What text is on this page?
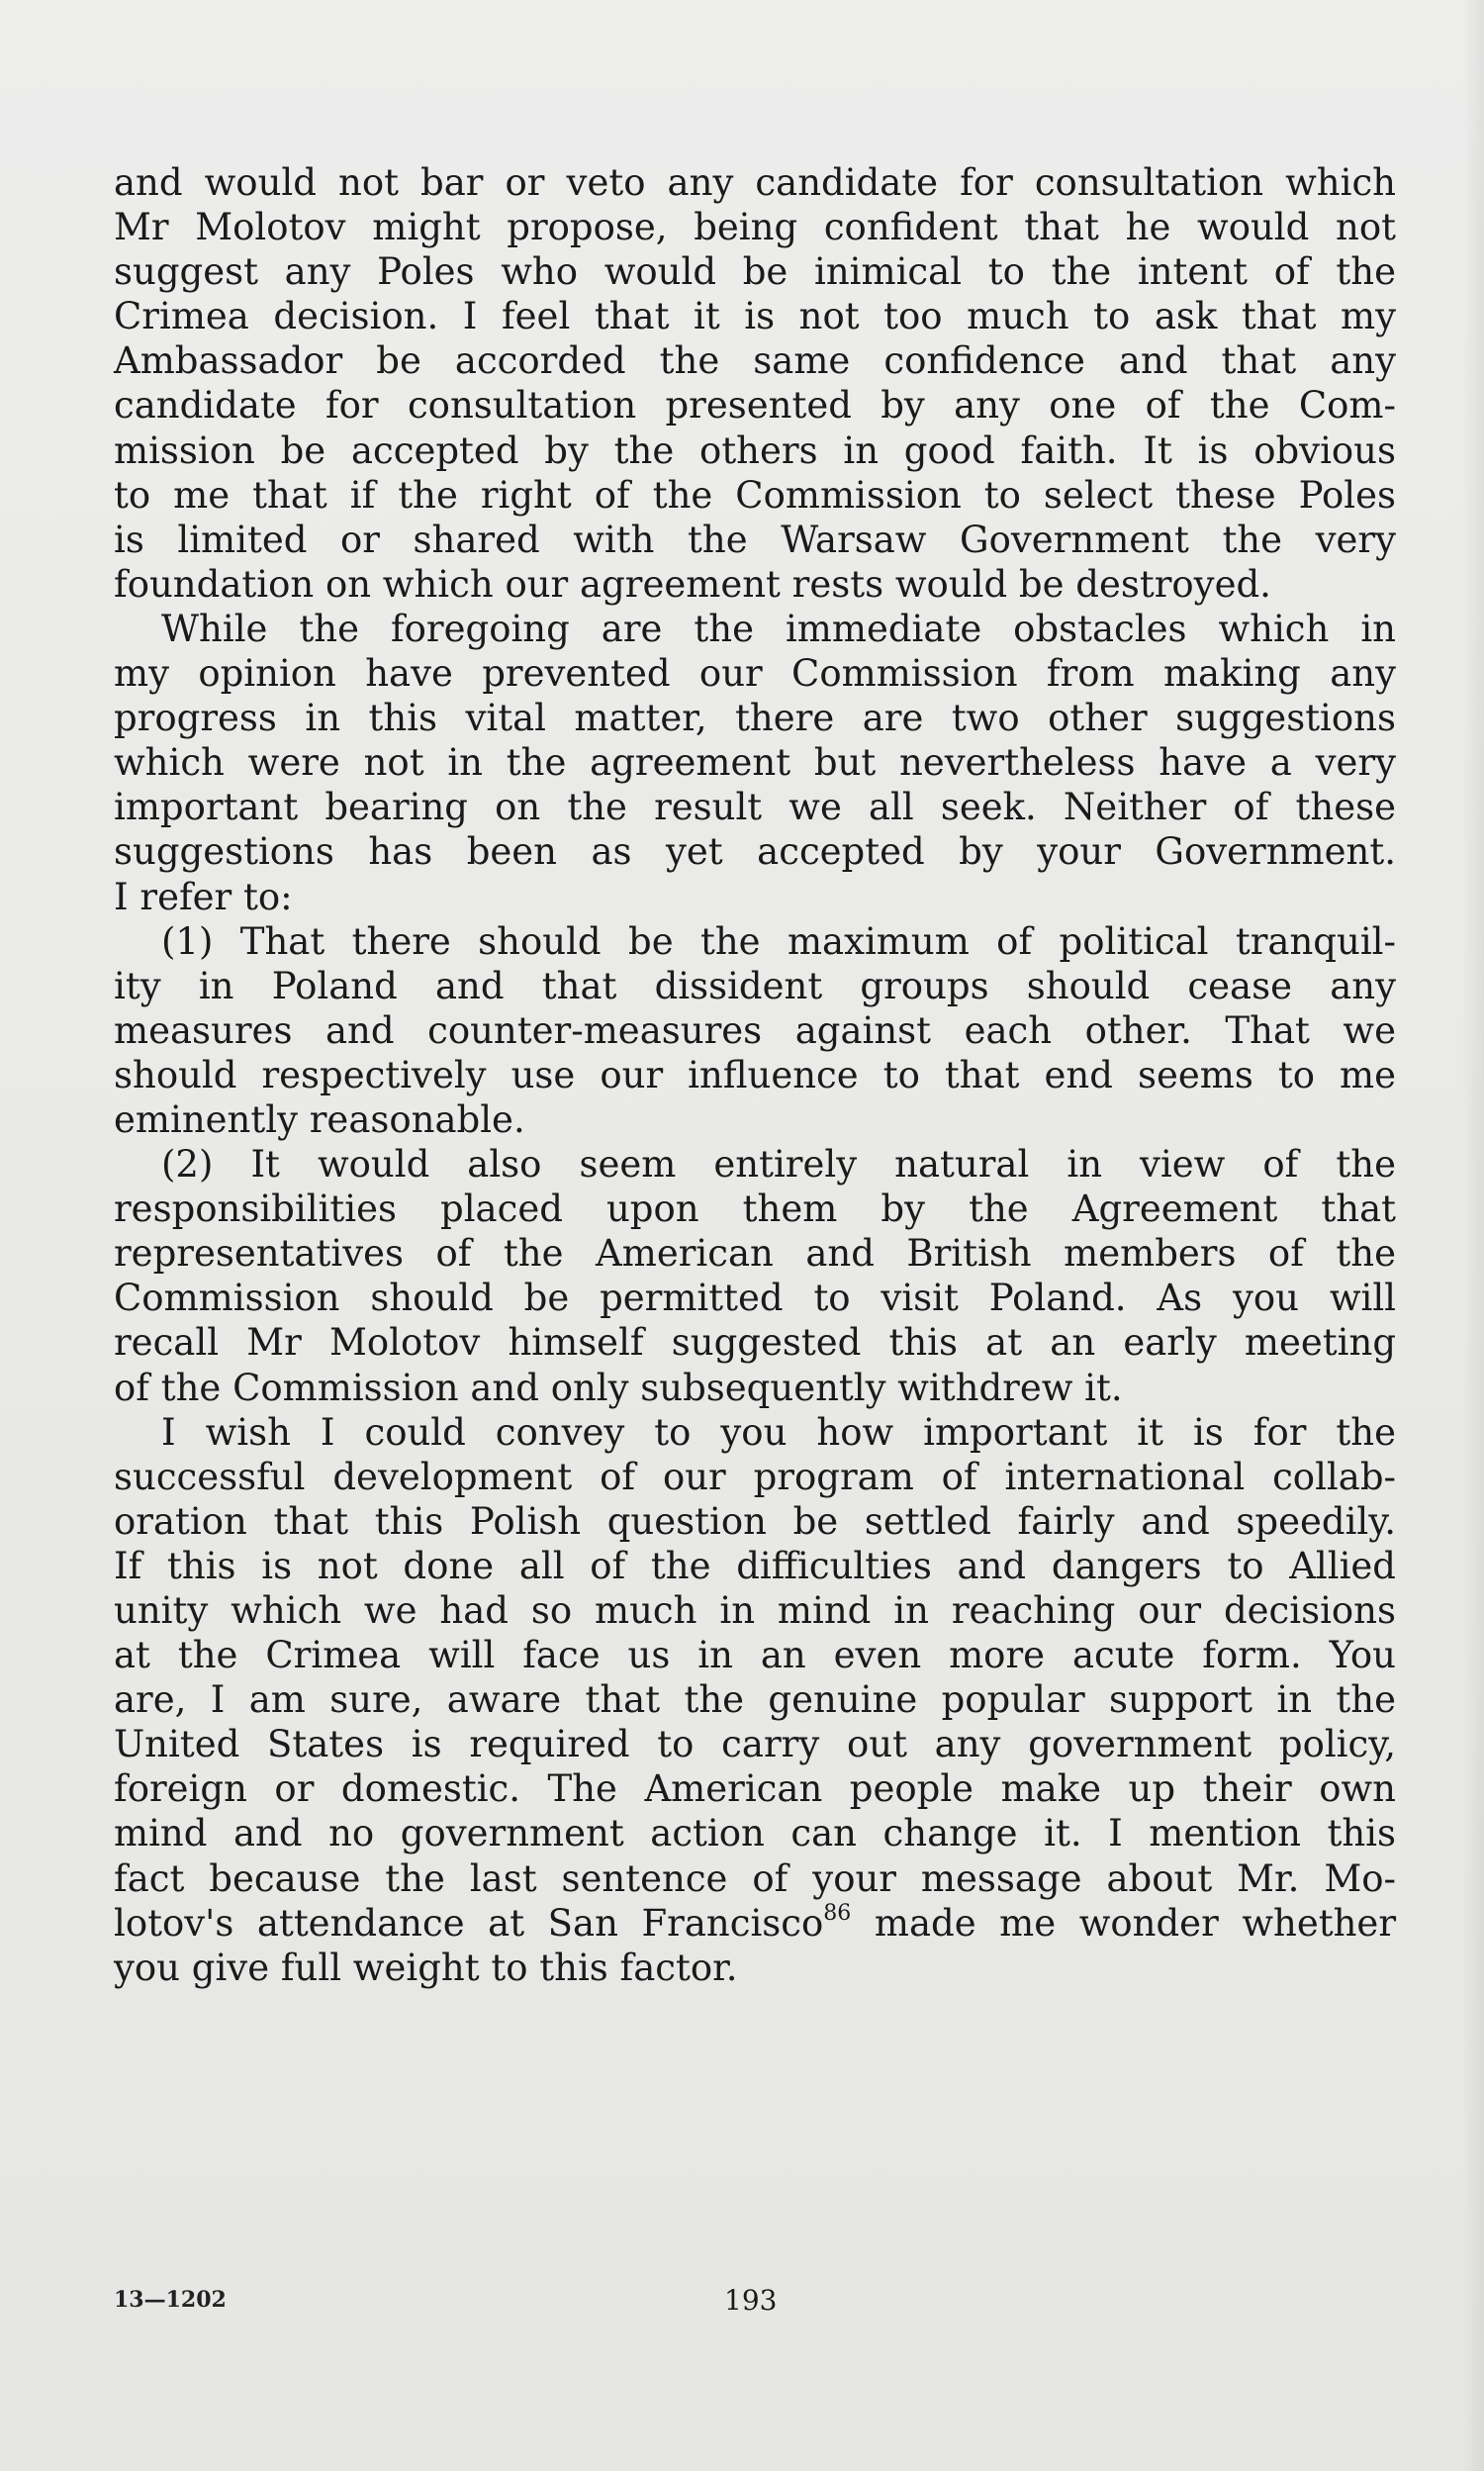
and would not bar or veto any candidate for consultation which
Mr Molotov might propose, being confident that he would not
suggest any Poles who would be inimical to the intent of the
Crimea decision. I feel that it is not too much to ask that my
Ambassador be accorded the same confidence and that any
candidate for consultation presented by any one of the Com-
mission be accepted by the others in good faith. It is obvious
to me that if the right of the Commission to select these Poles
is limited or shared with the Warsaw Government the very
foundation on which our agreement rests would be destroyed.
While the foregoing are the immediate obstacles which in
my opinion have prevented our Commission from making any
progress in this vital matter, there are two other suggestions
which were not in the agreement but nevertheless have a very
important bearing on the result we all seek. Neither of these
suggestions has been as yet accepted by your Government.
I refer to:
(1) That there should be the maximum of political tranquil-
ity in Poland and that dissident groups should cease any
measures and counter-measures against each other. That we
should respectively use our influence to that end seems to me
eminently reasonable.
(2) It would also seem entirely natural in view of the
responsibilities placed upon them by the Agreement that
representatives of the American and British members of the
Commission should be permitted to visit Poland. As you will
recall Mr Molotov himself suggested this at an early meeting
of the Commission and only subsequently withdrew it.
I wish I could convey to you how important it is for the
successful development of our program of international collab-
oration that this Polish question be settled fairly and speedily.
If this is not done all of the difficulties and dangers to Allied
unity which we had so much in mind in reaching our decisions
at the Crimea will face us in an even more acute form. You
are, I am sure, aware that the genuine popular support in the
United States is required to carry out any government policy,
foreign or domestic. The American people make up their own
mind and no government action can change it. I mention this
fact because the last sentence of your message about Mr. Mo-
lotov's attendance at San Francisco$^{86}$ made me wonder whether
you give full weight to this factor.
13—1202	193
